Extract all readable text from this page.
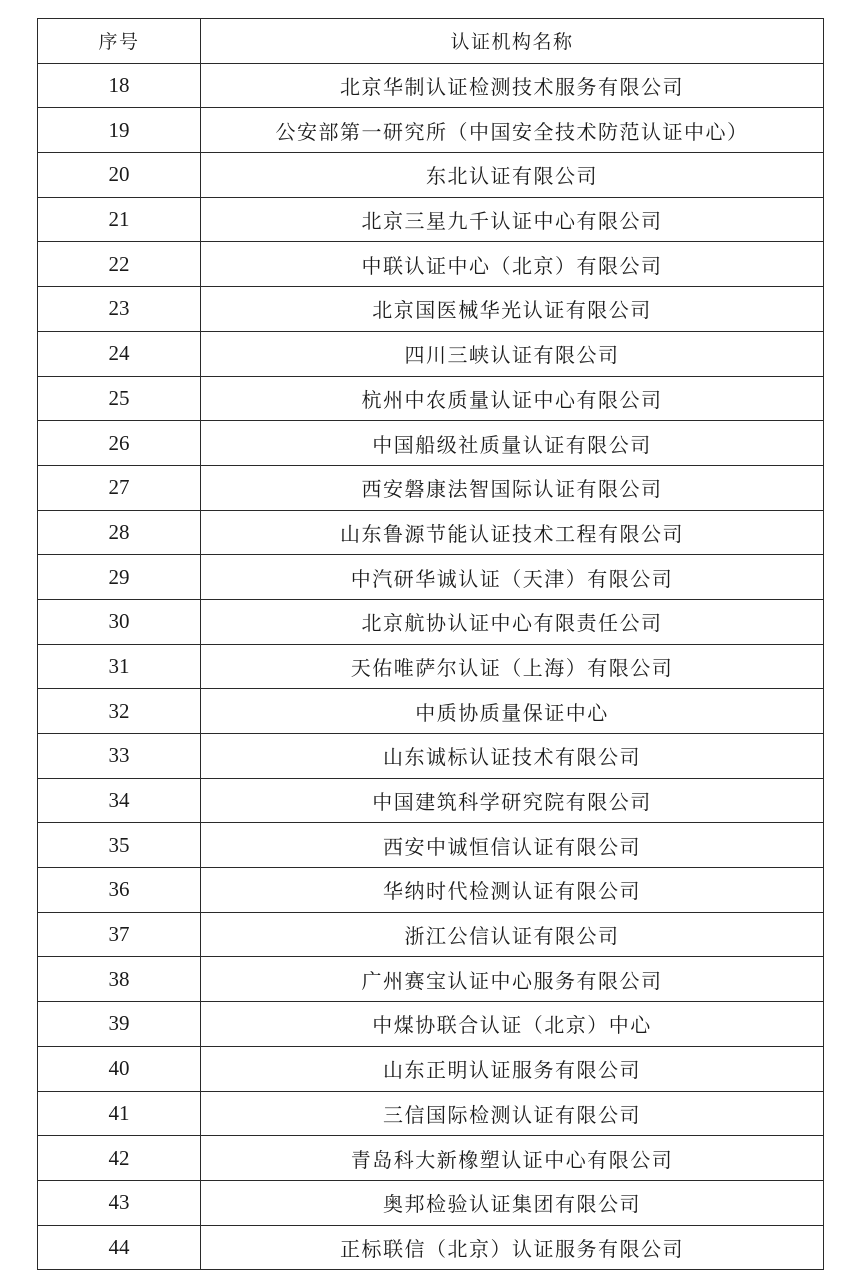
序号	认证机构名称
18	北京华制认证检测技术服务有限公司
19	公安部第一研究所（中国安全技术防范认证中心）
20	东北认证有限公司
21	北京三星九千认证中心有限公司
22	中联认证中心（北京）有限公司
23	北京国医械华光认证有限公司
24	四川三峡认证有限公司
25	杭州中农质量认证中心有限公司
26	中国船级社质量认证有限公司
27	西安磐康法智国际认证有限公司
28	山东鲁源节能认证技术工程有限公司
29	中汽研华诚认证（天津）有限公司
30	北京航协认证中心有限责任公司
31	天佑唯萨尔认证（上海）有限公司
32	中质协质量保证中心
33	山东诚标认证技术有限公司
34	中国建筑科学研究院有限公司
35	西安中诚恒信认证有限公司
36	华纳时代检测认证有限公司
37	浙江公信认证有限公司
38	广州赛宝认证中心服务有限公司
39	中煤协联合认证（北京）中心
40	山东正明认证服务有限公司
41	三信国际检测认证有限公司
42	青岛科大新橡塑认证中心有限公司
43	奥邦检验认证集团有限公司
44	正标联信（北京）认证服务有限公司
